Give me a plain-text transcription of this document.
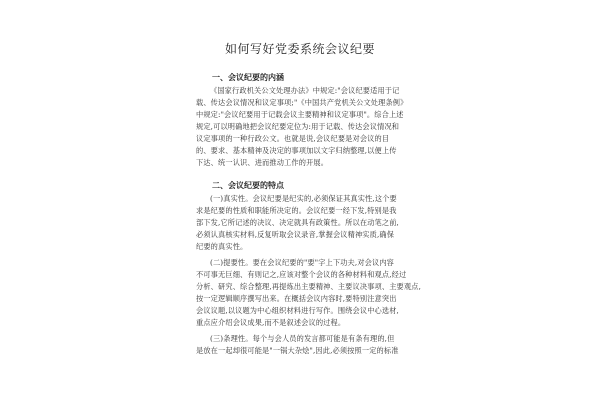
如何写好党委系统会议纪要
一、会议纪要的内涵
《国家行政机关公文处理办法》中规定:"会议纪要适用于记
载、传达会议情况和议定事项;"《中国共产党机关公文处理条例》
中规定:"会议纪要用于记载会议主要精神和议定事项"。综合上述
规定,可以明确地把会议纪要定位为:用于记载、传达会议情况和
议定事项的一种行政公文。也就是说,会议纪要是对会议的目
的、要求、基本精神及决定的事项加以文字归纳整理,以便上传
下达、统一认识、进而推动工作的开展。
二、会议纪要的特点
(一)真实性。会议纪要是纪实的,必须保证其真实性,这个要
求是纪要的性质和职能所决定的。会议纪要一经下发,特别是我
部下发,它所记述的决议、决定就具有政策性。所以在动笔之前,
必须认真核实材料,反复听取会议录音,掌握会议精神实质,确保
纪要的真实性。
(二)提要性。要在会议纪要的"要"字上下功夫,对会议内容
不可事无巨细、有则记之,应该对整个会议的各种材料和观点,经过
分析、研究、综合整理,再提炼出主要精神、主要议决事项、主要观点,
按一定逻辑顺序撰写出来。在概括会议内容时,要特别注意突出
会议议题,以议题为中心组织材料进行写作。围绕会议中心选材,
重点应介绍会议成果,而不是叙述会议的过程。
(三)条理性。每个与会人员的发言都可能是有条有理的,但
是放在一起却很可能是"一锅大杂烩",因此,必须按照一定的标准
